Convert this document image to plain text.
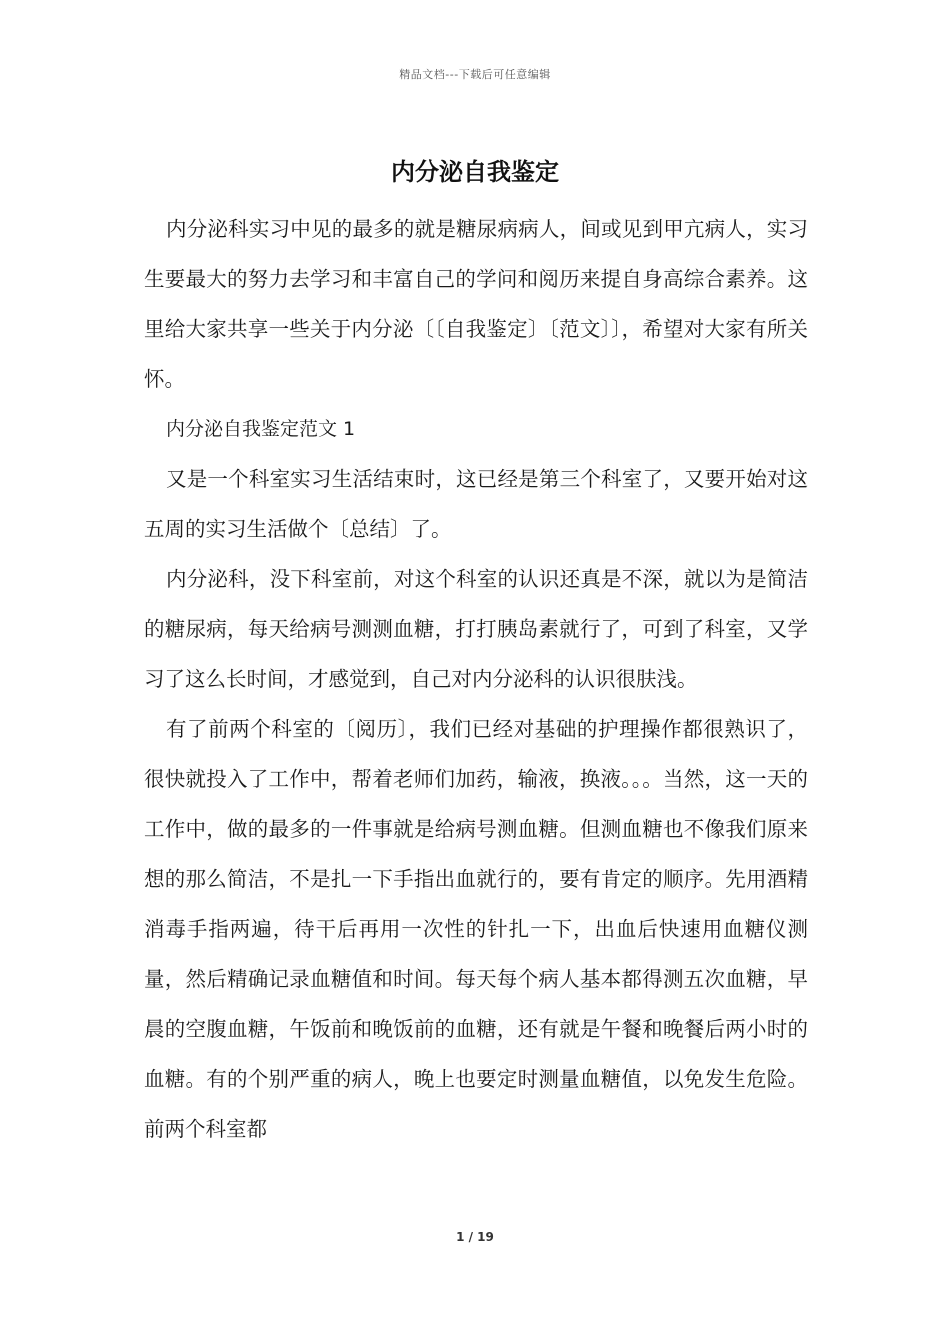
精品文档---下载后可任意编辑
内分泌自我鉴定

内分泌科实习中见的最多的就是糖尿病病人，间或见到甲亢病人，实习生要最大的努力去学习和丰富自己的学问和阅历来提自身高综合素养。这里给大家共享一些关于内分泌〔〔自我鉴定〕〔范文〕〕，希望对大家有所关怀。

内分泌自我鉴定范文 1

又是一个科室实习生活结束时，这已经是第三个科室了，又要开始对这五周的实习生活做个〔总结〕了。

内分泌科，没下科室前，对这个科室的认识还真是不深，就以为是简洁的糖尿病，每天给病号测测血糖，打打胰岛素就行了，可到了科室，又学习了这么长时间，才感觉到，自己对内分泌科的认识很肤浅。

有了前两个科室的〔阅历〕，我们已经对基础的护理操作都很熟识了，很快就投入了工作中，帮着老师们加药，输液，换液。。。当然，这一天的工作中，做的最多的一件事就是给病号测血糖。但测血糖也不像我们原来想的那么简洁，不是扎一下手指出血就行的，要有肯定的顺序。先用酒精消毒手指两遍，待干后再用一次性的针扎一下，出血后快速用血糖仪测量，然后精确记录血糖值和时间。每天每个病人基本都得测五次血糖，早晨的空腹血糖，午饭前和晚饭前的血糖，还有就是午餐和晚餐后两小时的血糖。有的个别严重的病人，晚上也要定时测量血糖值，以免发生危险。前两个科室都

1 / 19
